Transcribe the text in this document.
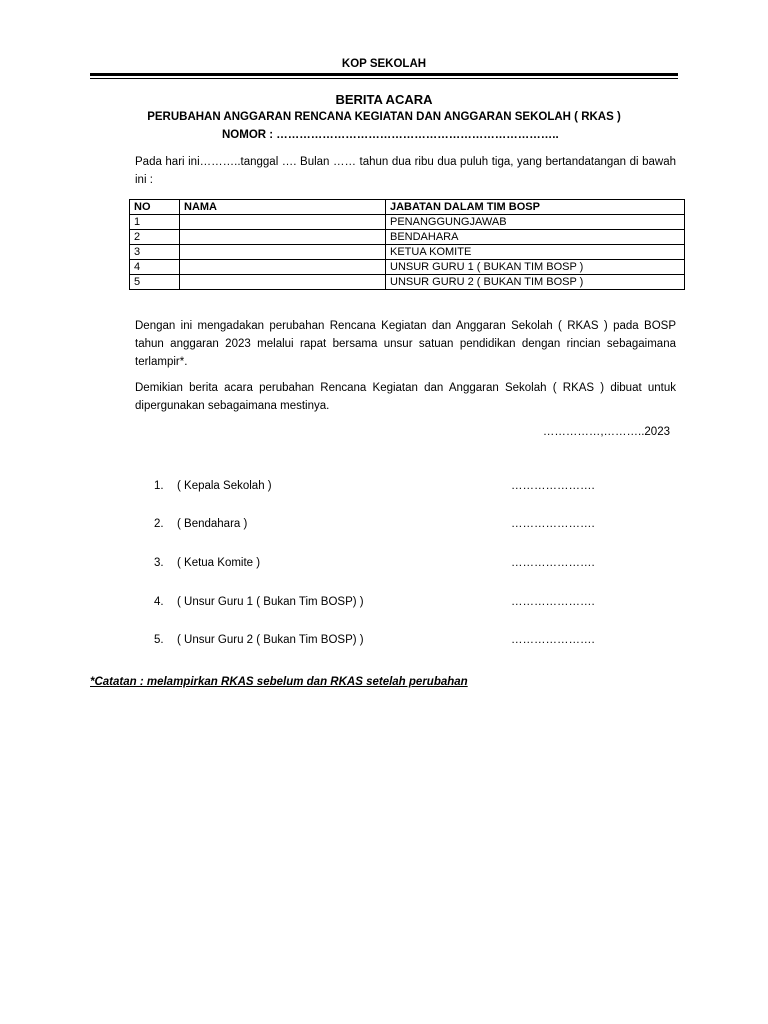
KOP SEKOLAH
BERITA ACARA
PERUBAHAN ANGGARAN RENCANA KEGIATAN DAN ANGGARAN SEKOLAH ( RKAS )
NOMOR : ………………………………………………………………..
Pada hari ini………..tanggal …. Bulan …… tahun dua ribu dua puluh tiga, yang bertandatangan di bawah ini :
NO	NAMA	JABATAN DALAM TIM BOSP
1		PENANGGUNGJAWAB
2		BENDAHARA
3		KETUA KOMITE
4		UNSUR GURU 1 ( BUKAN TIM BOSP )
5		UNSUR GURU 2 ( BUKAN TIM BOSP )
Dengan ini mengadakan perubahan Rencana Kegiatan dan Anggaran Sekolah ( RKAS ) pada BOSP tahun anggaran 2023 melalui rapat bersama unsur satuan pendidikan dengan rincian sebagaimana terlampir*.
Demikian berita acara perubahan Rencana Kegiatan dan Anggaran Sekolah ( RKAS ) dibuat untuk dipergunakan sebagaimana mestinya.
……………,………..2023
1. ( Kepala Sekolah )	………………….
2. ( Bendahara )	………………….
3. ( Ketua Komite )	………………….
4. ( Unsur Guru 1 ( Bukan Tim BOSP) )	………………….
5. ( Unsur Guru 2 ( Bukan Tim BOSP) )	………………….
*Catatan : melampirkan RKAS sebelum dan RKAS setelah perubahan
